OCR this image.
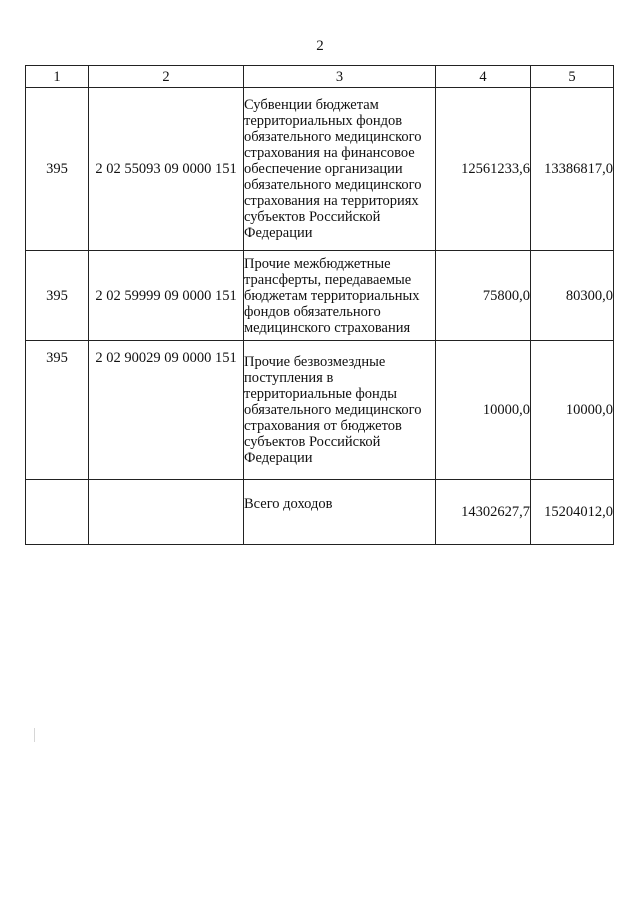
2
1	2	3	4	5
395	2 02 55093 09 0000 151	Субвенции бюджетам территориальных фондов обязательного медицинского страхования на финансовое обеспечение организации обязательного медицинского страхования на территориях субъектов Российской Федерации	12561233,6	13386817,0
395	2 02 59999 09 0000 151	Прочие межбюджетные трансферты, передаваемые бюджетам территориальных фондов обязательного медицинского страхования	75800,0	80300,0
395	2 02 90029 09 0000 151	Прочие безвозмездные поступления в территориальные фонды обязательного медицинского страхования от бюджетов субъектов Российской Федерации	10000,0	10000,0
		Всего доходов	14302627,7	15204012,0
